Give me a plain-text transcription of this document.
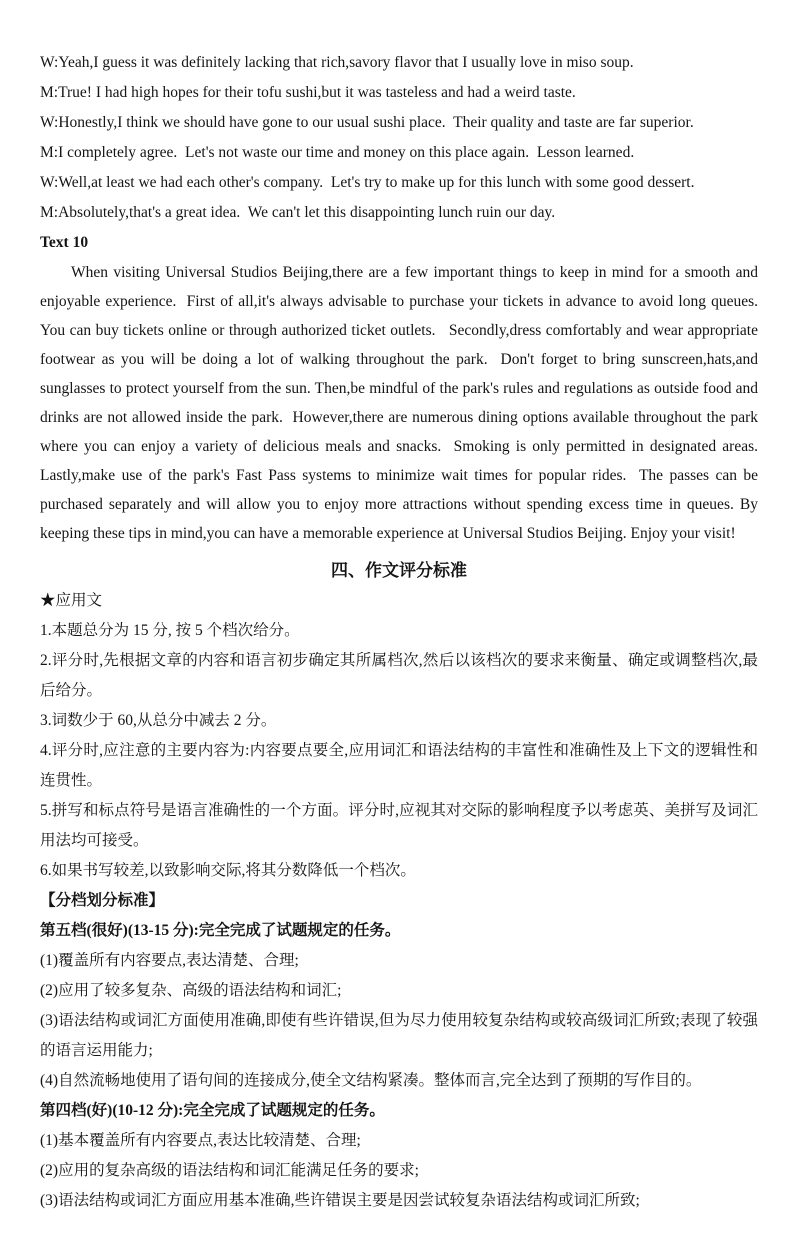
W:Yeah,I guess it was definitely lacking that rich,savory flavor that I usually love in miso soup.

M:True! I had high hopes for their tofu sushi,but it was tasteless and had a weird taste.

W:Honestly,I think we should have gone to our usual sushi place.  Their quality and taste are far superior.

M:I completely agree.  Let's not waste our time and money on this place again.  Lesson learned.

W:Well,at least we had each other's company.  Let's try to make up for this lunch with some good dessert.

M:Absolutely,that's a great idea.  We can't let this disappointing lunch ruin our day.

Text 10

When visiting Universal Studios Beijing,there are a few important things to keep in mind for a smooth and enjoyable experience.  First of all,it's always advisable to purchase your tickets in advance to avoid long queues.  You can buy tickets online or through authorized ticket outlets.   Secondly,dress comfortably and wear appropriate footwear as you will be doing a lot of walking throughout the park.  Don't forget to bring sunscreen,hats,and sunglasses to protect yourself from the sun. Then,be mindful of the park's rules and regulations as outside food and drinks are not allowed inside the park.  However,there are numerous dining options available throughout the park where you can enjoy a variety of delicious meals and snacks.  Smoking is only permitted in designated areas.  Lastly,make use of the park's Fast Pass systems to minimize wait times for popular rides.  The passes can be purchased separately and will allow you to enjoy more attractions without spending excess time in queues. By keeping these tips in mind,you can have a memorable experience at Universal Studios Beijing. Enjoy your visit!

四、作文评分标准

★应用文

1.本题总分为 15 分, 按 5 个档次给分。

2.评分时,先根据文章的内容和语言初步确定其所属档次,然后以该档次的要求来衡量、确定或调整档次,最后给分。

3.词数少于 60,从总分中减去 2 分。

4.评分时,应注意的主要内容为:内容要点要全,应用词汇和语法结构的丰富性和准确性及上下文的逻辑性和连贯性。

5.拼写和标点符号是语言准确性的一个方面。评分时,应视其对交际的影响程度予以考虑英、美拼写及词汇用法均可接受。

6.如果书写较差,以致影响交际,将其分数降低一个档次。

【分档划分标准】

第五档(很好)(13-15 分):完全完成了试题规定的任务。

(1)覆盖所有内容要点,表达清楚、合理;

(2)应用了较多复杂、高级的语法结构和词汇;

(3)语法结构或词汇方面使用准确,即使有些许错误,但为尽力使用较复杂结构或较高级词汇所致;表现了较强的语言运用能力;

(4)自然流畅地使用了语句间的连接成分,使全文结构紧凑。整体而言,完全达到了预期的写作目的。

第四档(好)(10-12 分):完全完成了试题规定的任务。

(1)基本覆盖所有内容要点,表达比较清楚、合理;

(2)应用的复杂高级的语法结构和词汇能满足任务的要求;

(3)语法结构或词汇方面应用基本准确,些许错误主要是因尝试较复杂语法结构或词汇所致;
